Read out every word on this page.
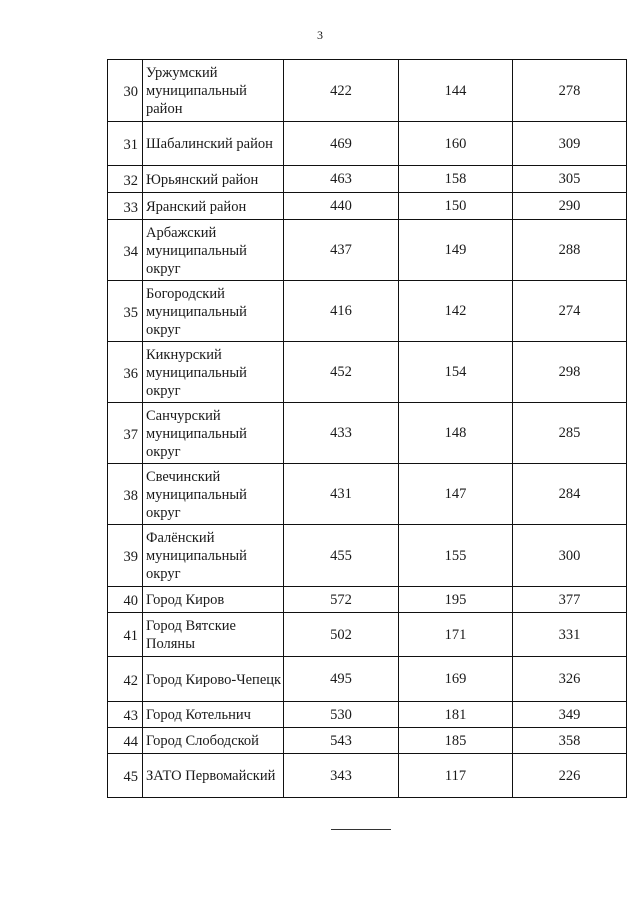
3
30	Уржумский муниципальный район	422	144	278
31	Шабалинский район	469	160	309
32	Юрьянский район	463	158	305
33	Яранский район	440	150	290
34	Арбажский муниципальный округ	437	149	288
35	Богородский муниципальный округ	416	142	274
36	Кикнурский муниципальный округ	452	154	298
37	Санчурский муниципальный округ	433	148	285
38	Свечинский муниципальный округ	431	147	284
39	Фалёнский муниципальный округ	455	155	300
40	Город Киров	572	195	377
41	Город Вятские Поляны	502	171	331
42	Город Кирово-Чепецк	495	169	326
43	Город Котельнич	530	181	349
44	Город Слободской	543	185	358
45	ЗАТО Первомайский	343	117	226
